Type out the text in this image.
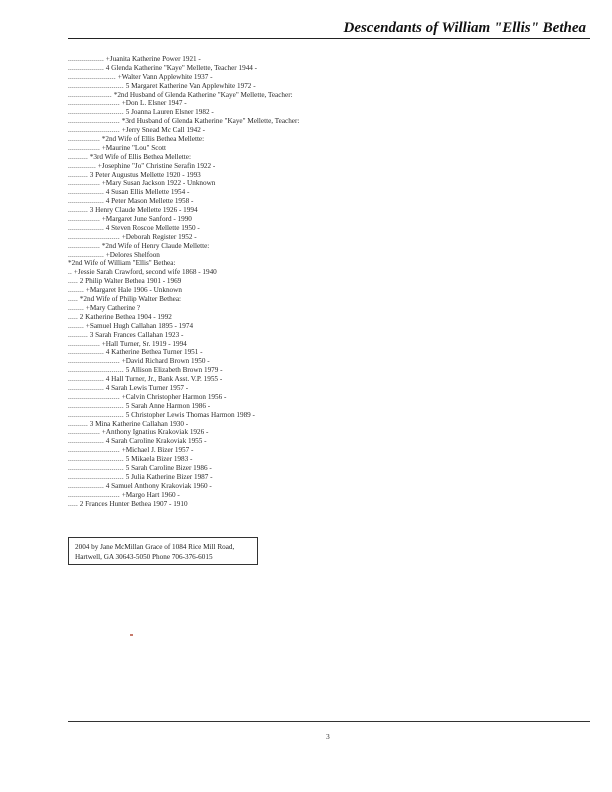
Descendants of William "Ellis" Bethea
.................. +Juanita Katherine Power 1921 -
.................. 4 Glenda Katherine "Kaye" Mellette, Teacher 1944 -
........................ +Walter Vann Applewhite 1937 -
............................ 5 Margaret Katherine Van Applewhite 1972 -
...................... *2nd Husband of Glenda Katherine "Kaye" Mellette, Teacher:
.......................... +Don L. Elsner 1947 -
............................ 5 Joanna Lauren Elsner 1982 -
.......................... *3rd Husband of Glenda Katherine "Kaye" Mellette, Teacher:
.......................... +Jerry Snead Mc Call 1942 -
................ *2nd Wife of Ellis Bethea Mellette:
................ +Maurine "Lou" Scott
.......... *3rd Wife of Ellis Bethea Mellette:
.............. +Josephine "Jo" Christine Serafin 1922 -
.......... 3 Peter Augustus Mellette 1920 - 1993
................ +Mary Susan Jackson 1922 - Unknown
.................. 4 Susan Ellis Mellette 1954 -
.................. 4 Peter Mason Mellette 1958 -
.......... 3 Henry Claude Mellette 1926 - 1994
................ +Margaret June Sanford - 1990
.................. 4 Steven Roscoe Mellette 1950 -
.......................... +Deborah Register 1952 -
................ *2nd Wife of Henry Claude Mellette:
.................. +Delores Shelfoon
*2nd Wife of William "Ellis" Bethea:
.. +Jessie Sarah Crawford, second wife 1868 - 1940
..... 2 Philip Walter Bethea 1901 - 1969
........ +Margaret Hale 1906 - Unknown
..... *2nd Wife of Philip Walter Bethea:
........ +Mary Catherine ?
..... 2 Katherine Bethea 1904 - 1992
........ +Samuel Hugh Callahan 1895 - 1974
.......... 3 Sarah Frances Callahan 1923 -
................ +Hall Turner, Sr. 1919 - 1994
.................. 4 Katherine Bethea Turner 1951 -
.......................... +David Richard Brown 1950 -
............................ 5 Allison Elizabeth Brown 1979 -
.................. 4 Hall Turner, Jr., Bank Asst. V.P. 1955 -
.................. 4 Sarah Lewis Turner 1957 -
.......................... +Calvin Christopher Harmon 1956 -
............................ 5 Sarah Anne Harmon 1986 -
............................ 5 Christopher Lewis Thomas Harmon 1989 -
.......... 3 Mina Katherine Callahan 1930 -
................ +Anthony Ignatius Krakoviak 1926 -
.................. 4 Sarah Caroline Krakoviak 1955 -
.......................... +Michael J. Bizer 1957 -
............................ 5 Mikaela Bizer 1983 -
............................ 5 Sarah Caroline Bizer 1986 -
............................ 5 Julia Katherine Bizer 1987 -
.................. 4 Samuel Anthony Krakoviak 1960 -
.......................... +Margo Hart 1960 -
..... 2 Frances Hunter Bethea 1907 - 1910
2004 by Jane McMillan Grace of 1084 Rice Mill Road,
Hartwell, GA 30643-5050 Phone 706-376-6015
3
